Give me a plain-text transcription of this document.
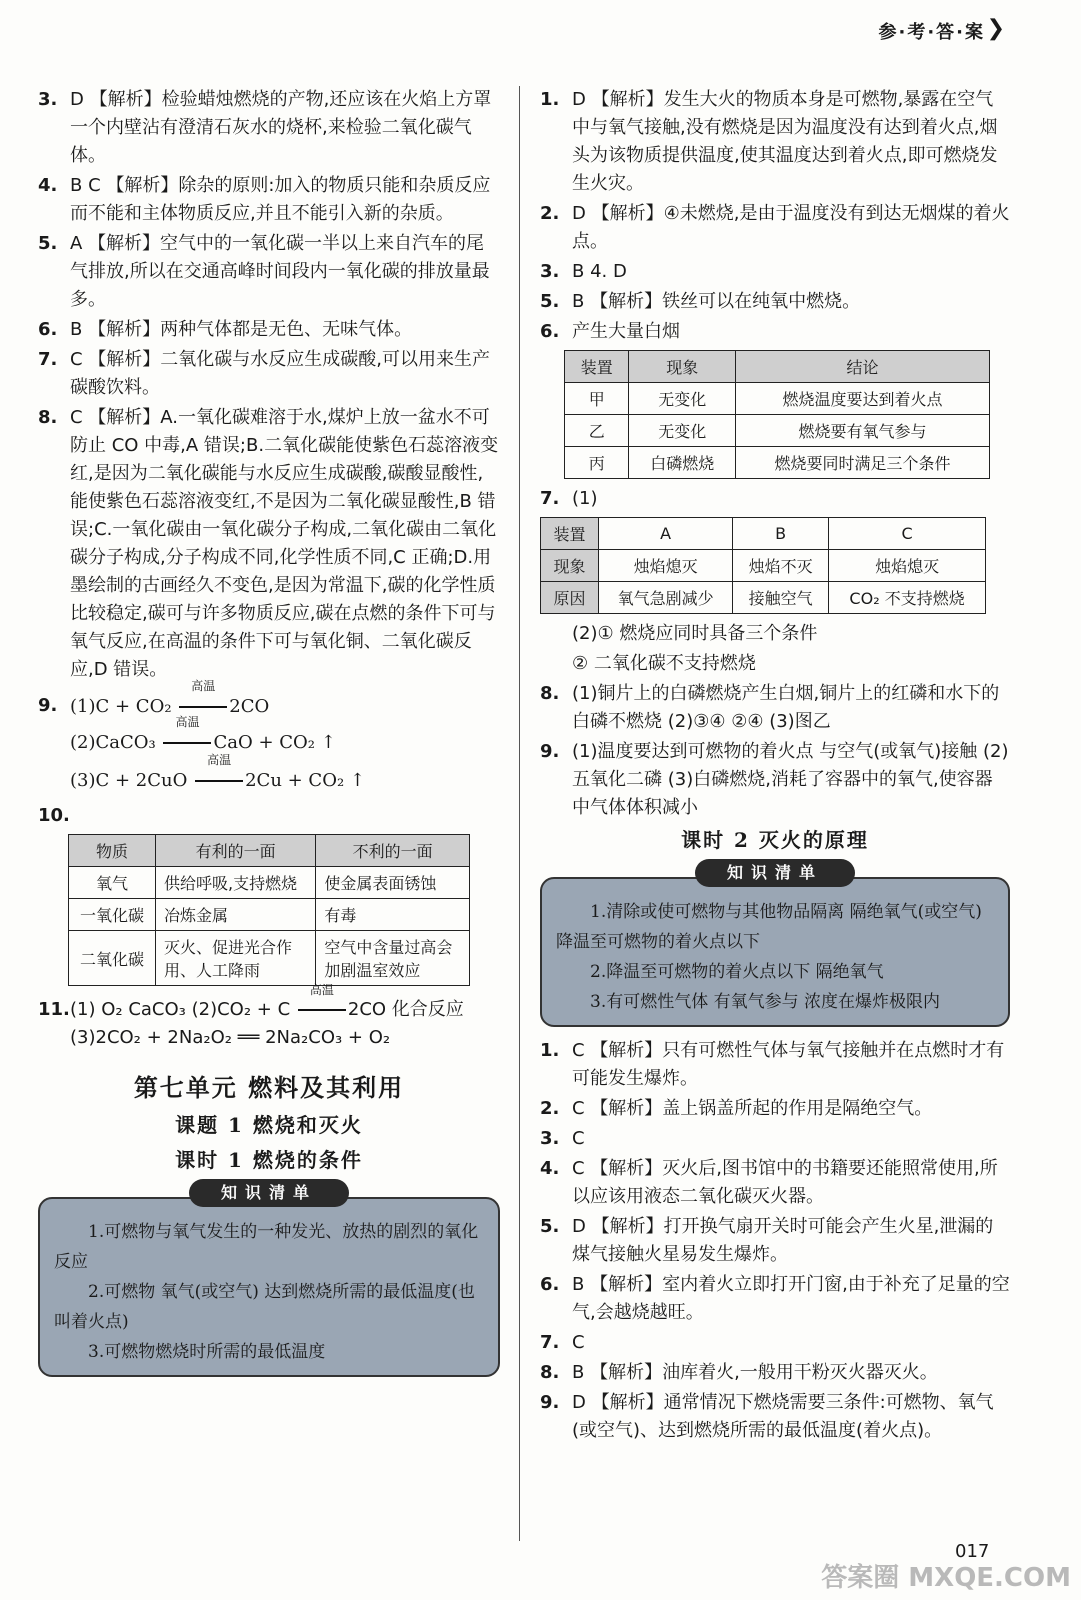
参·考·答·案 ❯
3. D 【解析】检验蜡烛燃烧的产物,还应该在火焰上方罩一个内壁沾有澄清石灰水的烧杯,来检验二氧化碳气体。
4. B C 【解析】除杂的原则:加入的物质只能和杂质反应而不能和主体物质反应,并且不能引入新的杂质。
5. A 【解析】空气中的一氧化碳一半以上来自汽车的尾气排放,所以在交通高峰时间段内一氧化碳的排放量最多。
6. B 【解析】两种气体都是无色、无味气体。
7. C 【解析】二氧化碳与水反应生成碳酸,可以用来生产碳酸饮料。
8. C 【解析】A.一氧化碳难溶于水,煤炉上放一盆水不可防止 CO 中毒,A 错误;B.二氧化碳能使紫色石蕊溶液变红,是因为二氧化碳能与水反应生成碳酸,碳酸显酸性,能使紫色石蕊溶液变红,不是因为二氧化碳显酸性,B 错误;C.一氧化碳由一氧化碳分子构成,二氧化碳由二氧化碳分子构成,分子构成不同,化学性质不同,C 正确;D.用墨绘制的古画经久不变色,是因为常温下,碳的化学性质比较稳定,碳可与许多物质反应,碳在点燃的条件下可与氧气反应,在高温的条件下可与氧化铜、二氧化碳反应,D 错误。
9. (1)C + CO₂
高温
2CO
(2)CaCO₃
高温
CaO + CO₂ ↑
(3)C + 2CuO
高温
2Cu + CO₂ ↑
10.
物质	有利的一面	不利的一面
氧气	供给呼吸,支持燃烧	使金属表面锈蚀
一氧化碳	冶炼金属	有毒
二氧化碳	灭火、促进光合作用、人工降雨	空气中含量过高会加剧温室效应
11. (1) O₂ CaCO₃ (2)CO₂ + C
高温
2CO 化合反应 (3)2CO₂ + 2Na₂O₂ ══ 2Na₂CO₃ + O₂
第七单元 燃料及其利用
课题 1 燃烧和灭火
课时 1 燃烧的条件
知识清单

1.可燃物与氧气发生的一种发光、放热的剧烈的氧化反应

2.可燃物 氧气(或空气) 达到燃烧所需的最低温度(也叫着火点)

3.可燃物燃烧时所需的最低温度

1. D 【解析】发生大火的物质本身是可燃物,暴露在空气中与氧气接触,没有燃烧是因为温度没有达到着火点,烟头为该物质提供温度,使其温度达到着火点,即可燃烧发生火灾。
2. D 【解析】④未燃烧,是由于温度没有到达无烟煤的着火点。
3. B 4. D
5. B 【解析】铁丝可以在纯氧中燃烧。
6. 产生大量白烟
装置	现象	结论
甲	无变化	燃烧温度要达到着火点
乙	无变化	燃烧要有氧气参与
丙	白磷燃烧	燃烧要同时满足三个条件
7. (1)
装置	A	B	C
现象	烛焰熄灭	烛焰不灭	烛焰熄灭
原因	氧气急剧减少	接触空气	CO₂ 不支持燃烧
(2)① 燃烧应同时具备三个条件
② 二氧化碳不支持燃烧
8. (1)铜片上的白磷燃烧产生白烟,铜片上的红磷和水下的白磷不燃烧 (2)③④ ②④ (3)图乙
9. (1)温度要达到可燃物的着火点 与空气(或氧气)接触 (2)五氧化二磷 (3)白磷燃烧,消耗了容器中的氧气,使容器中气体体积减小
课时 2 灭火的原理
知识清单

1.清除或使可燃物与其他物品隔离 隔绝氧气(或空气) 降温至可燃物的着火点以下

2.降温至可燃物的着火点以下 隔绝氧气

3.有可燃性气体 有氧气参与 浓度在爆炸极限内

1. C 【解析】只有可燃性气体与氧气接触并在点燃时才有可能发生爆炸。
2. C 【解析】盖上锅盖所起的作用是隔绝空气。
3. C
4. C 【解析】灭火后,图书馆中的书籍要还能照常使用,所以应该用液态二氧化碳灭火器。
5. D 【解析】打开换气扇开关时可能会产生火星,泄漏的煤气接触火星易发生爆炸。
6. B 【解析】室内着火立即打开门窗,由于补充了足量的空气,会越烧越旺。
7. C
8. B 【解析】油库着火,一般用干粉灭火器灭火。
9. D 【解析】通常情况下燃烧需要三条件:可燃物、氧气(或空气)、达到燃烧所需的最低温度(着火点)。
017
答案圈 MXQE.COM
